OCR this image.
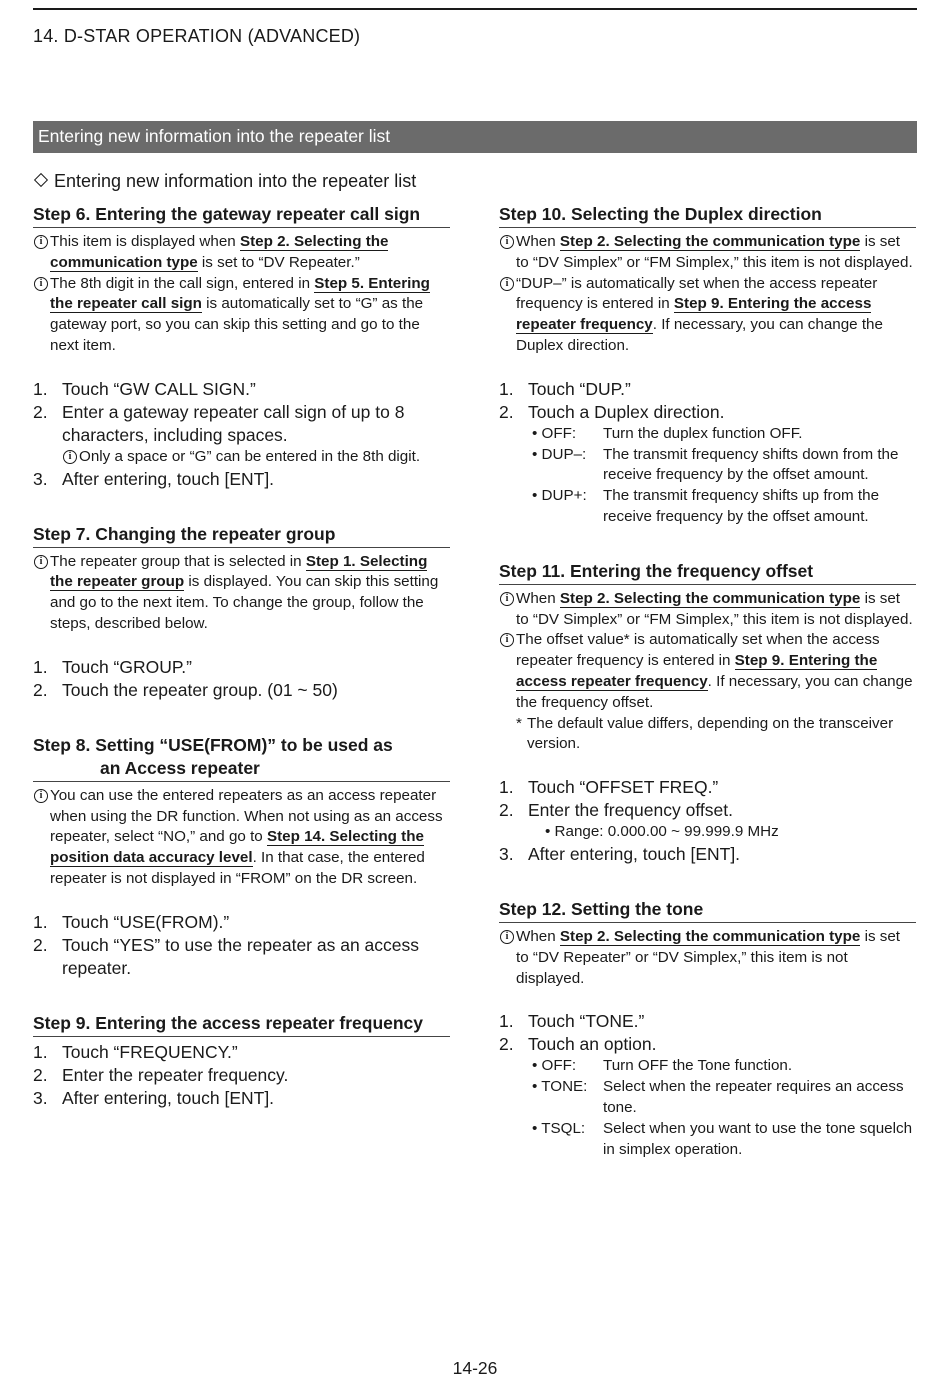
14. D-STAR OPERATION (ADVANCED)
Entering new information into the repeater list
Entering new information into the repeater list
Step 6. Entering the gateway repeater call sign
i This item is displayed when Step 2. Selecting the communication type is set to “DV Repeater.”
i The 8th digit in the call sign, entered in Step 5. Entering the repeater call sign is automatically set to “G” as the gateway port, so you can skip this setting and go to the next item.
1. Touch “GW CALL SIGN.”
2. Enter a gateway repeater call sign of up to 8 characters, including spaces.
i Only a space or “G” can be entered in the 8th digit.
3. After entering, touch [ENT].
Step 7. Changing the repeater group
i The repeater group that is selected in Step 1. Selecting the repeater group is displayed. You can skip this setting and go to the next item. To change the group, follow the steps, described below.
1. Touch “GROUP.”
2. Touch the repeater group. (01 ~ 50)
Step 8. Setting “USE(FROM)” to be used as
an Access repeater
i You can use the entered repeaters as an access repeater when using the DR function. When not using as an access repeater, select “NO,” and go to Step 14. Selecting the position data accuracy level. In that case, the entered repeater is not displayed in “FROM” on the DR screen.
1. Touch “USE(FROM).”
2. Touch “YES” to use the repeater as an access repeater.
Step 9. Entering the access repeater frequency
1. Touch “FREQUENCY.”
2. Enter the repeater frequency.
3. After entering, touch [ENT].
Step 10. Selecting the Duplex direction
i When Step 2. Selecting the communication type is set to “DV Simplex” or “FM Simplex,” this item is not displayed.
i “DUP–” is automatically set when the access repeater frequency is entered in Step 9. Entering the access repeater frequency. If necessary, you can change the Duplex direction.
1. Touch “DUP.”
2. Touch a Duplex direction.
• OFF: Turn the duplex function OFF.
• DUP–: The transmit frequency shifts down from the receive frequency by the offset amount.
• DUP+: The transmit frequency shifts up from the receive frequency by the offset amount.
Step 11. Entering the frequency offset
i When Step 2. Selecting the communication type is set to “DV Simplex” or “FM Simplex,” this item is not displayed.
i The offset value* is automatically set when the access repeater frequency is entered in Step 9. Entering the access repeater frequency. If necessary, you can change the frequency offset.
* The default value differs, depending on the transceiver version.
1. Touch “OFFSET FREQ.”
2. Enter the frequency offset.
• Range: 0.000.00 ~ 99.999.9 MHz
3. After entering, touch [ENT].
Step 12. Setting the tone
i When Step 2. Selecting the communication type is set to “DV Repeater” or “DV Simplex,” this item is not displayed.
1. Touch “TONE.”
2. Touch an option.
• OFF: Turn OFF the Tone function.
• TONE: Select when the repeater requires an access tone.
• TSQL: Select when you want to use the tone squelch in simplex operation.
14-26
